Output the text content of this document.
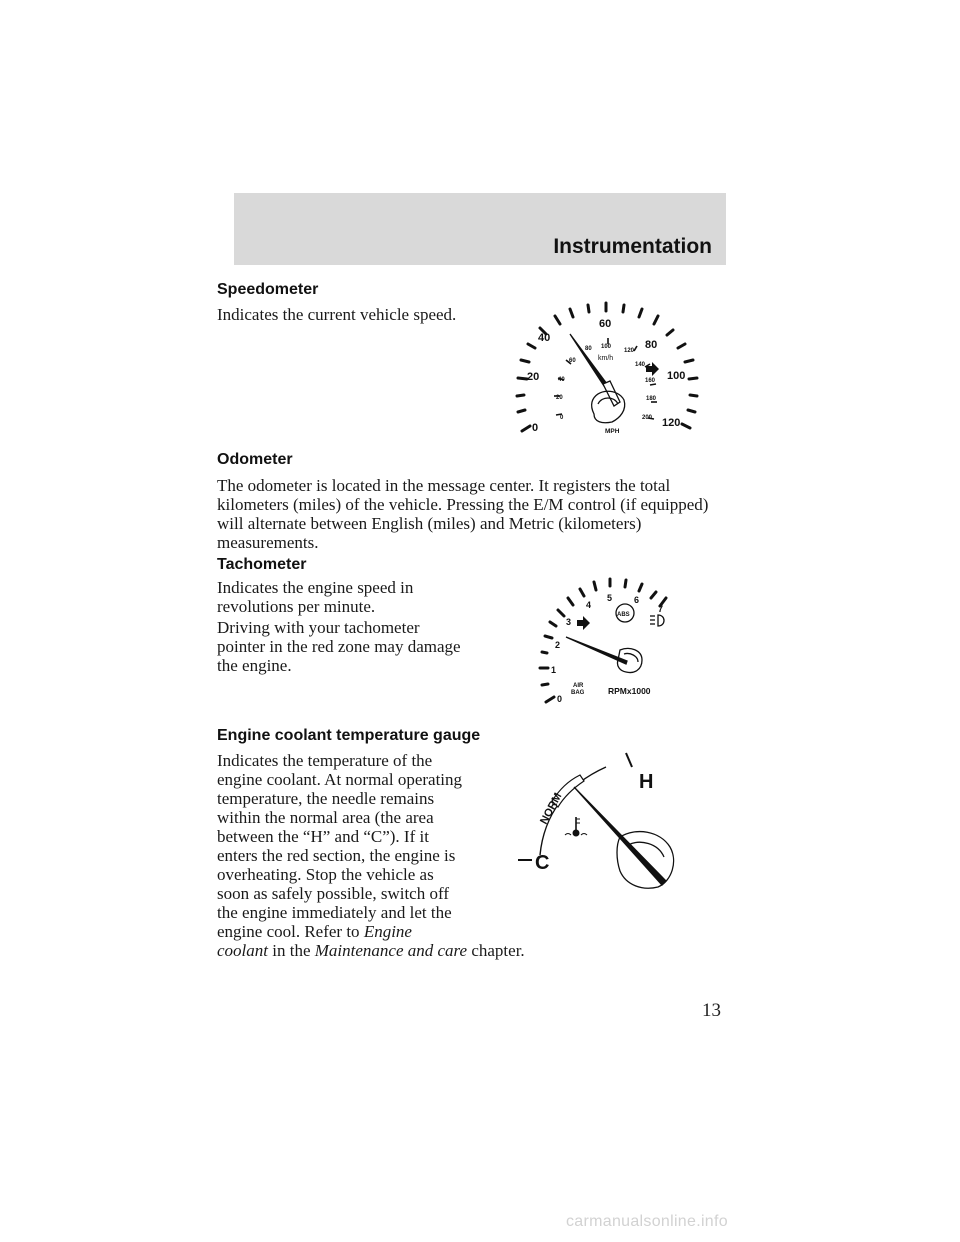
Instrumentation
Speedometer
Indicates the current vehicle speed.
0
20
40
60
80
100
120
0
20
40
60
80 100
120
140
160
180
200
km/h
MPH
Odometer
The odometer is located in the message center. It registers the total
kilometers (miles) of the vehicle. Pressing the E/M control (if equipped)
will alternate between English (miles) and Metric (kilometers)
measurements.
Tachometer
Indicates the engine speed in
revolutions per minute.
Driving with your tachometer
pointer in the red zone may damage
the engine.
0
1
2
3
4
5 6
7
ABS
AIR
BAG	RPMx1000
Engine coolant temperature gauge
Indicates the temperature of the
engine coolant. At normal operating
temperature, the needle remains
within the normal area (the area
between the “H” and “C”). If it
enters the red section, the engine is
overheating. Stop the vehicle as
soon as safely possible, switch off
the engine immediately and let the
engine cool. Refer to Engine
coolant in the Maintenance and care chapter.
H
C
NORM
13
carmanualsonline.info
